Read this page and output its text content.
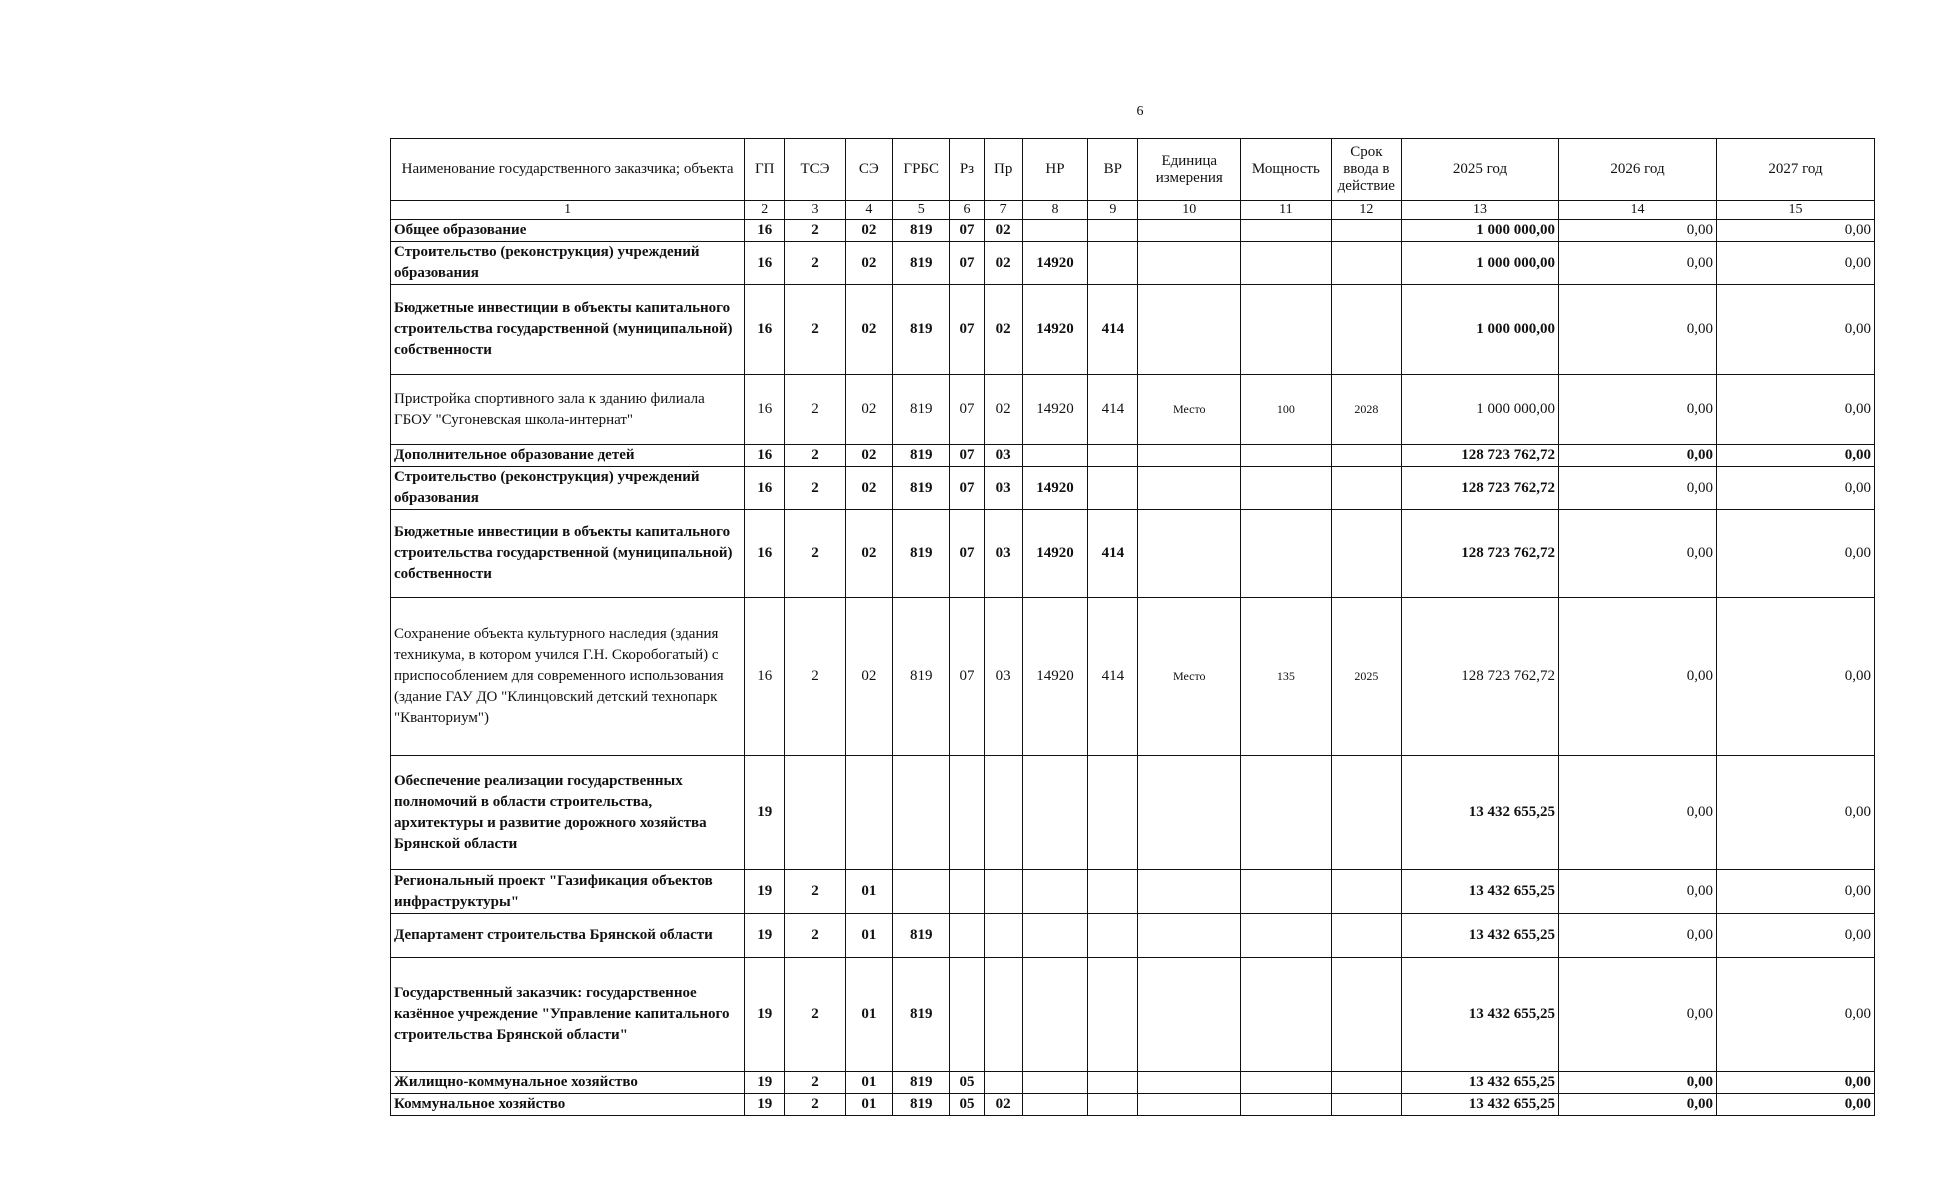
6
Наименование государственного заказчика; объекта	ГП	ТСЭ	СЭ	ГРБС	Рз	Пр	НР	ВР	Единица измерения	Мощность	Срок ввода в действие	2025 год	2026 год	2027 год
1	2	3	4	5	6	7	8	9	10	11	12	13	14	15
Общее образование	16	2	02	819	07	02						1 000 000,00	0,00	0,00
Строительство (реконструкция) учреждений образования	16	2	02	819	07	02	14920					1 000 000,00	0,00	0,00
Бюджетные инвестиции в объекты капитального строительства государственной (муниципальной) собственности	16	2	02	819	07	02	14920	414				1 000 000,00	0,00	0,00
Пристройка спортивного зала к зданию филиала ГБОУ "Сугоневская школа-интернат"	16	2	02	819	07	02	14920	414	Место	100	2028	1 000 000,00	0,00	0,00
Дополнительное образование детей	16	2	02	819	07	03						128 723 762,72	0,00	0,00
Строительство (реконструкция) учреждений образования	16	2	02	819	07	03	14920					128 723 762,72	0,00	0,00
Бюджетные инвестиции в объекты капитального строительства государственной (муниципальной) собственности	16	2	02	819	07	03	14920	414				128 723 762,72	0,00	0,00
Сохранение объекта культурного наследия (здания техникума, в котором учился Г.Н. Скоробогатый) с приспособлением для современного использования (здание ГАУ ДО "Клинцовский детский технопарк "Кванториум")	16	2	02	819	07	03	14920	414	Место	135	2025	128 723 762,72	0,00	0,00
Обеспечение реализации государственных полномочий в области строительства, архитектуры и развитие дорожного хозяйства Брянской области	19											13 432 655,25	0,00	0,00
Региональный проект "Газификация объектов инфраструктуры"	19	2	01									13 432 655,25	0,00	0,00
Департамент строительства Брянской области	19	2	01	819								13 432 655,25	0,00	0,00
Государственный заказчик: государственное казённое учреждение "Управление капитального строительства Брянской области"	19	2	01	819								13 432 655,25	0,00	0,00
Жилищно-коммунальное хозяйство	19	2	01	819	05							13 432 655,25	0,00	0,00
Коммунальное хозяйство	19	2	01	819	05	02						13 432 655,25	0,00	0,00
